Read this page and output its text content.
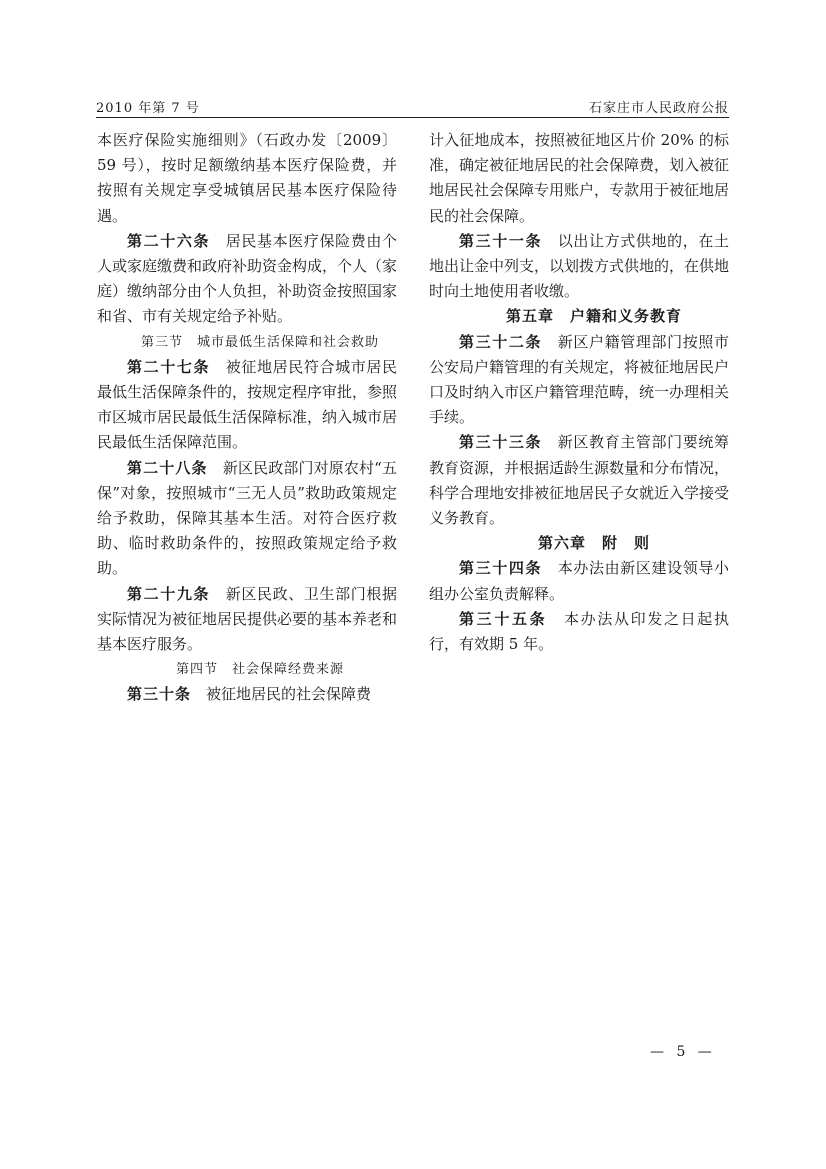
2010 年第 7 号	石家庄市人民政府公报

本医疗保险实施细则》（石政办发〔2009〕59 号），按时足额缴纳基本医疗保险费，并按照有关规定享受城镇居民基本医疗保险待遇。

第二十六条　 居民基本医疗保险费由个人或家庭缴费和政府补助资金构成，个人（家庭）缴纳部分由个人负担，补助资金按照国家和省、市有关规定给予补贴。

第三节　城市最低生活保障和社会救助

第二十七条　 被征地居民符合城市居民最低生活保障条件的，按规定程序审批，参照市区城市居民最低生活保障标准，纳入城市居民最低生活保障范围。

第二十八条　 新区民政部门对原农村“五保”对象，按照城市“三无人员”救助政策规定给予救助，保障其基本生活。对符合医疗救助、临时救助条件的，按照政策规定给予救助。

第二十九条　 新区民政、卫生部门根据实际情况为被征地居民提供必要的基本养老和基本医疗服务。

第四节　社会保障经费来源

第三十条　 被征地居民的社会保障费

计入征地成本，按照被征地区片价 20% 的标准，确定被征地居民的社会保障费，划入被征地居民社会保障专用账户，专款用于被征地居民的社会保障。

第三十一条　 以出让方式供地的，在土地出让金中列支，以划拨方式供地的，在供地时向土地使用者收缴。

第五章　户籍和义务教育

第三十二条　 新区户籍管理部门按照市公安局户籍管理的有关规定，将被征地居民户口及时纳入市区户籍管理范畴，统一办理相关手续。

第三十三条　 新区教育主管部门要统筹教育资源，并根据适龄生源数量和分布情况，科学合理地安排被征地居民子女就近入学接受义务教育。

第六章　附　则

第三十四条　 本办法由新区建设领导小组办公室负责解释。

第三十五条　 本办法从印发之日起执行，有效期 5 年。

— 5 —
